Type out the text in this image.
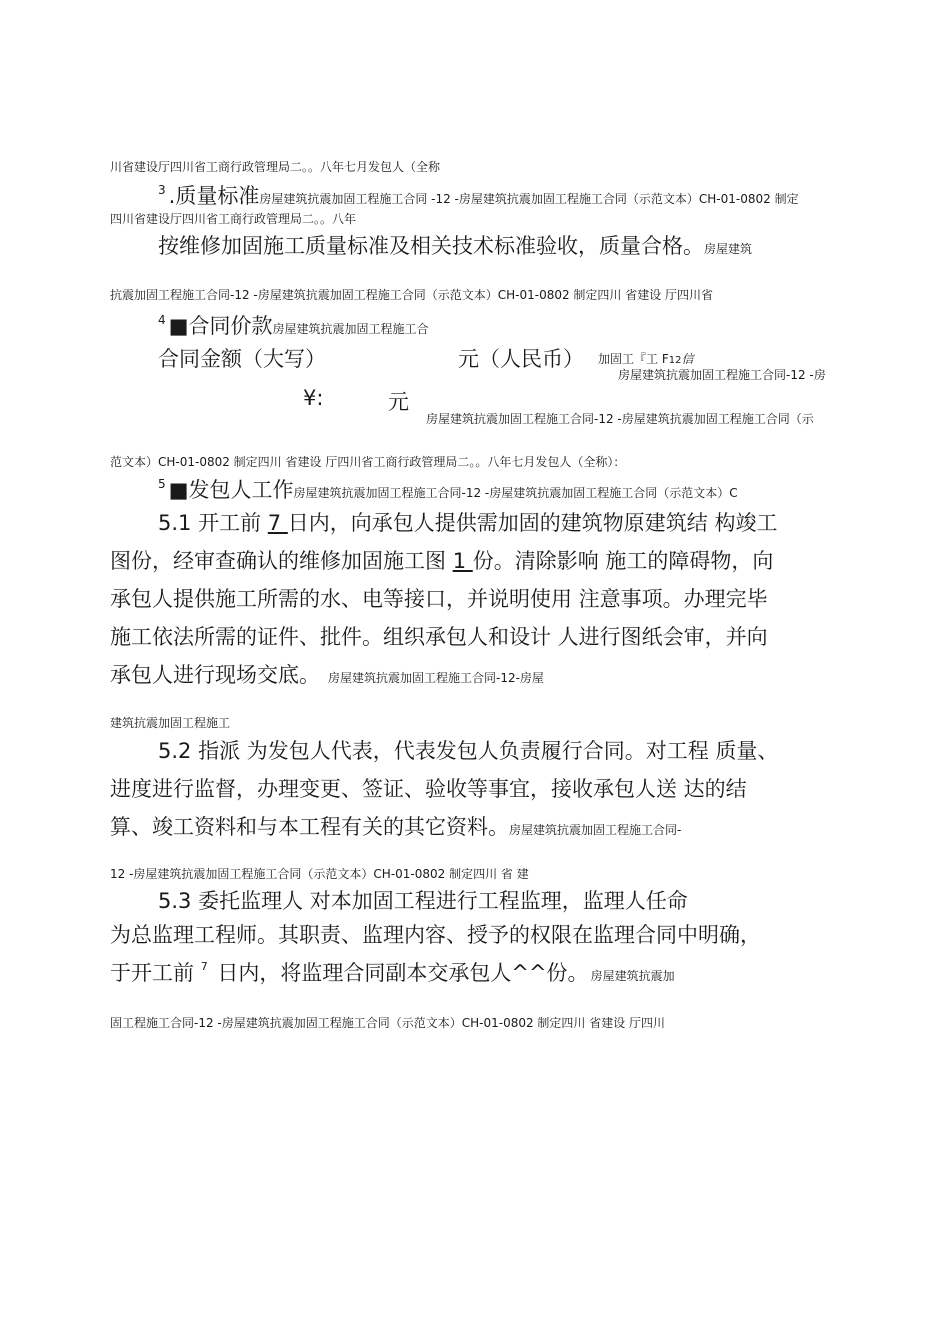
川省建设厅四川省工商行政管理局二。。八年七月发包人（全称
$^3$ .质量标准房屋建筑抗震加固工程施工合同 -12 -房屋建筑抗震加固工程施工合同（示范文本）CH-01-0802 制定
四川省建设厅四川省工商行政管理局二。。八年
按维修加固施工质量标准及相关技术标准验收，质量合格。房屋建筑
抗震加固工程施工合同-12 -房屋建筑抗震加固工程施工合同（示范文本）CH-01-0802 制定四川 省建设 厅四川省
$^4$ ■合同价款房屋建筑抗震加固工程施工合
合同金额（大写）	元（人民币） 加固工『工 F12信
房屋建筑抗震加固工程施工合同-12 -房
¥:	元
房屋建筑抗震加固工程施工合同-12 -房屋建筑抗震加固工程施工合同（示
范文本）CH-01-0802 制定四川 省建设 厅四川省工商行政管理局二。。八年七月发包人（全称）：
$^5$ ■发包人工作房屋建筑抗震加固工程施工合同-12 -房屋建筑抗震加固工程施工合同（示范文本）C
5.1 开工前 7 日内，向承包人提供需加固的建筑物原建筑结 构竣工
图份，经审查确认的维修加固施工图 1 份。清除影响 施工的障碍物，向
承包人提供施工所需的水、电等接口，并说明使用 注意事项。办理完毕
施工依法所需的证件、批件。组织承包人和设计 人进行图纸会审，并向
承包人进行现场交底。 房屋建筑抗震加固工程施工合同-12-房屋
建筑抗震加固工程施工
5.2 指派 为发包人代表，代表发包人负责履行合同。对工程 质量、
进度进行监督，办理变更、签证、验收等事宜，接收承包人送 达的结
算、竣工资料和与本工程有关的其它资料。房屋建筑抗震加固工程施工合同-
12 -房屋建筑抗震加固工程施工合同（示范文本）CH-01-0802 制定四川 省 建
5.3 委托监理人 对本加固工程进行工程监理，监理人任命
为总监理工程师。其职责、监理内容、授予的权限在监理合同中明确，
于开工前 $^7$ 日内，将监理合同副本交承包人^^份。 房屋建筑抗震加
固工程施工合同-12 -房屋建筑抗震加固工程施工合同（示范文本）CH-01-0802 制定四川 省建设 厅四川
